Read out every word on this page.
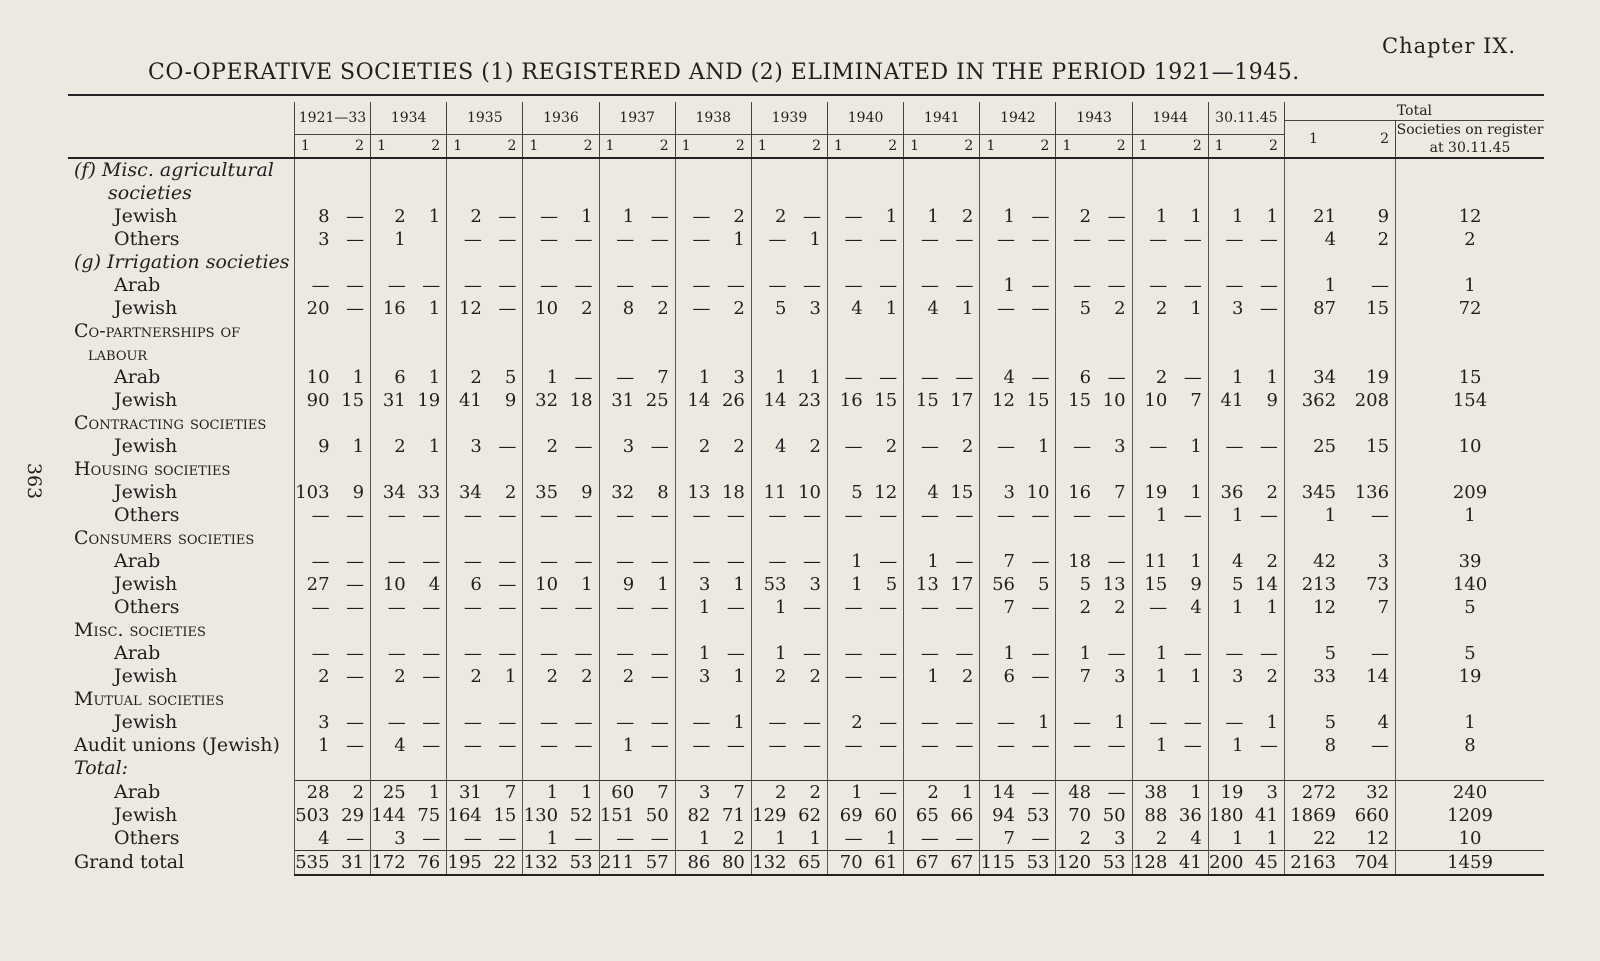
Chapter IX.
CO-OPERATIVE SOCIETIES (1) REGISTERED AND (2) ELIMINATED IN THE PERIOD 1921—1945.
363
	1921—33		1934		1935		1936		1937		1938		1939		1940		1941		1942		1943		1944		30.11.45		Total		
																											1	2	Societies on register at 30.11.45
	1	2	1	2	1	2	1	2	1	2	1	2	1	2	1	2	1	2	1	2	1	2	1	2	1	2			
(f) Misc. agricultural																													
societies																													
Jewish	8	—	2	1	2	—	—	1	1	—	—	2	2	—	—	1	1	2	1	—	2	—	1	1	1	1	21	9	12
Others	3	—	1		—	—	—	—	—	—	—	1	—	1	—	—	—	—	—	—	—	—	—	—	—	—	4	2	2
(g) Irrigation societies																													
Arab	—	—	—	—	—	—	—	—	—	—	—	—	—	—	—	—	—	—	1	—	—	—	—	—	—	—	1	—	1
Jewish	20	—	16	1	12	—	10	2	8	2	—	2	5	3	4	1	4	1	—	—	5	2	2	1	3	—	87	15	72
Co-partnerships of																													
labour																													
Arab	10	1	6	1	2	5	1	—	—	7	1	3	1	1	—	—	—	—	4	—	6	—	2	—	1	1	34	19	15
Jewish	90	15	31	19	41	9	32	18	31	25	14	26	14	23	16	15	15	17	12	15	15	10	10	7	41	9	362	208	154
Contracting societies																													
Jewish	9	1	2	1	3	—	2	—	3	—	2	2	4	2	—	2	—	2	—	1	—	3	—	1	—	—	25	15	10
Housing societies																													
Jewish	103	9	34	33	34	2	35	9	32	8	13	18	11	10	5	12	4	15	3	10	16	7	19	1	36	2	345	136	209
Others	—	—	—	—	—	—	—	—	—	—	—	—	—	—	—	—	—	—	—	—	—	—	1	—	1	—	1	—	1
Consumers societies																													
Arab	—	—	—	—	—	—	—	—	—	—	—	—	—	—	1	—	1	—	7	—	18	—	11	1	4	2	42	3	39
Jewish	27	—	10	4	6	—	10	1	9	1	3	1	53	3	1	5	13	17	56	5	5	13	15	9	5	14	213	73	140
Others	—	—	—	—	—	—	—	—	—	—	1	—	1	—	—	—	—	—	7	—	2	2	—	4	1	1	12	7	5
Misc. societies																													
Arab	—	—	—	—	—	—	—	—	—	—	1	—	1	—	—	—	—	—	1	—	1	—	1	—	—	—	5	—	5
Jewish	2	—	2	—	2	1	2	2	2	—	3	1	2	2	—	—	1	2	6	—	7	3	1	1	3	2	33	14	19
Mutual societies																													
Jewish	3	—	—	—	—	—	—	—	—	—	—	1	—	—	2	—	—	—	—	1	—	1	—	—	—	1	5	4	1
Audit unions (Jewish)	1	—	4	—	—	—	—	—	1	—	—	—	—	—	—	—	—	—	—	—	—	—	1	—	1	—	8	—	8
Total:																													
Arab	28	2	25	1	31	7	1	1	60	7	3	7	2	2	1	—	2	1	14	—	48	—	38	1	19	3	272	32	240
Jewish	503	29	144	75	164	15	130	52	151	50	82	71	129	62	69	60	65	66	94	53	70	50	88	36	180	41	1869	660	1209
Others	4	—	3	—	—	—	1	—	—	—	1	2	1	1	—	1	—	—	7	—	2	3	2	4	1	1	22	12	10
Grand total	535	31	172	76	195	22	132	53	211	57	86	80	132	65	70	61	67	67	115	53	120	53	128	41	200	45	2163	704	1459
